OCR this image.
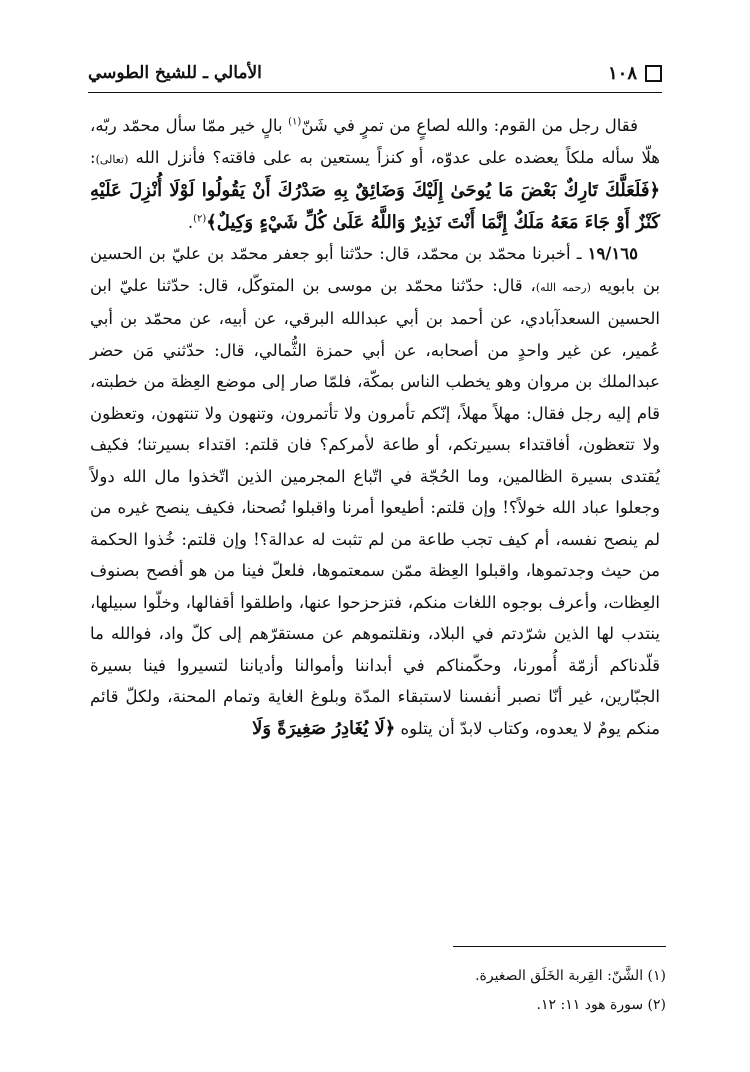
١٠٨
الأمالي ـ للشيخ الطوسي

فقال رجل من القوم: والله لصاعٍ من تمرٍ في شَنّ$^{(١)}$ بالٍ خير ممّا سأل محمّد ربّه، هلّا سأله ملكاً يعضده على عدوّه، أو كنزاً يستعين به على فاقته؟ فأنزل الله (تعالى): ﴿فَلَعَلَّكَ تَارِكٌ بَعْضَ مَا يُوحَىٰ إِلَيْكَ وَضَائِقٌ بِهِ صَدْرُكَ أَنْ يَقُولُوا لَوْلَا أُنْزِلَ عَلَيْهِ كَنْزٌ أَوْ جَاءَ مَعَهُ مَلَكٌ إِنَّمَا أَنْتَ نَذِيرٌ وَاللَّهُ عَلَىٰ كُلِّ شَيْءٍ وَكِيلٌ﴾$^{(٢)}$.

١٩/١٦٥ ـ أخبرنا محمّد بن محمّد، قال: حدّثنا أبو جعفر محمّد بن عليّ بن الحسين بن بابويه (رحمه الله)، قال: حدّثنا محمّد بن موسى بن المتوكّل، قال: حدّثنا عليّ ابن الحسين السعدآبادي، عن أحمد بن أبي عبدالله البرقي، عن أبيه، عن محمّد بن أبي عُمير، عن غير واحدٍ من أصحابه، عن أبي حمزة الثُّمالي، قال: حدّثني مَن حضر عبدالملك بن مروان وهو يخطب الناس بمكّة، فلمّا صار إلى موضع العِظة من خطبته، قام إليه رجل فقال: مهلاً مهلاً، إنّكم تأمرون ولا تأتمرون، وتنهون ولا تنتهون، وتعظون ولا تتعظون، أفاقتداء بسيرتكم، أو طاعة لأمركم؟ فان قلتم: اقتداء بسيرتنا؛ فكيف يُقتدى بسيرة الظالمين، وما الحُجّة في اتّباع المجرمين الذين اتّخذوا مال الله دولاً وجعلوا عباد الله خولاً؟! وإن قلتم: أطيعوا أمرنا واقبلوا نُصحنا، فكيف ينصح غيره من لم ينصح نفسه، أم كيف تجب طاعة من لم تثبت له عدالة؟! وإن قلتم: خُذوا الحكمة من حيث وجدتموها، واقبلوا العِظة ممّن سمعتموها، فلعلّ فينا من هو أفصح بصنوف العِظات، وأعرف بوجوه اللغات منكم، فتزحزحوا عنها، واطلقوا أقفالها، وخلّوا سبيلها، ينتدب لها الذين شرّدتم في البلاد، ونقلتموهم عن مستقرّهم إلى كلّ واد، فوالله ما قلّدناكم أزمّة أُمورنا، وحكّمناكم في أبداننا وأموالنا وأدياننا لتسيروا فينا بسيرة الجبّارين، غير أنّا نصبر أنفسنا لاستبقاء المدّة وبلوغ الغاية وتمام المحنة، ولكلّ قائم منكم يومٌ لا يعدوه، وكتاب لابدّ أن يتلوه ﴿لَا يُغَادِرُ صَغِيرَةً وَلَا

(١) الشَّنّ: القِربة الخَلَق الصغيرة.

(٢) سورة هود ١١: ١٢.
